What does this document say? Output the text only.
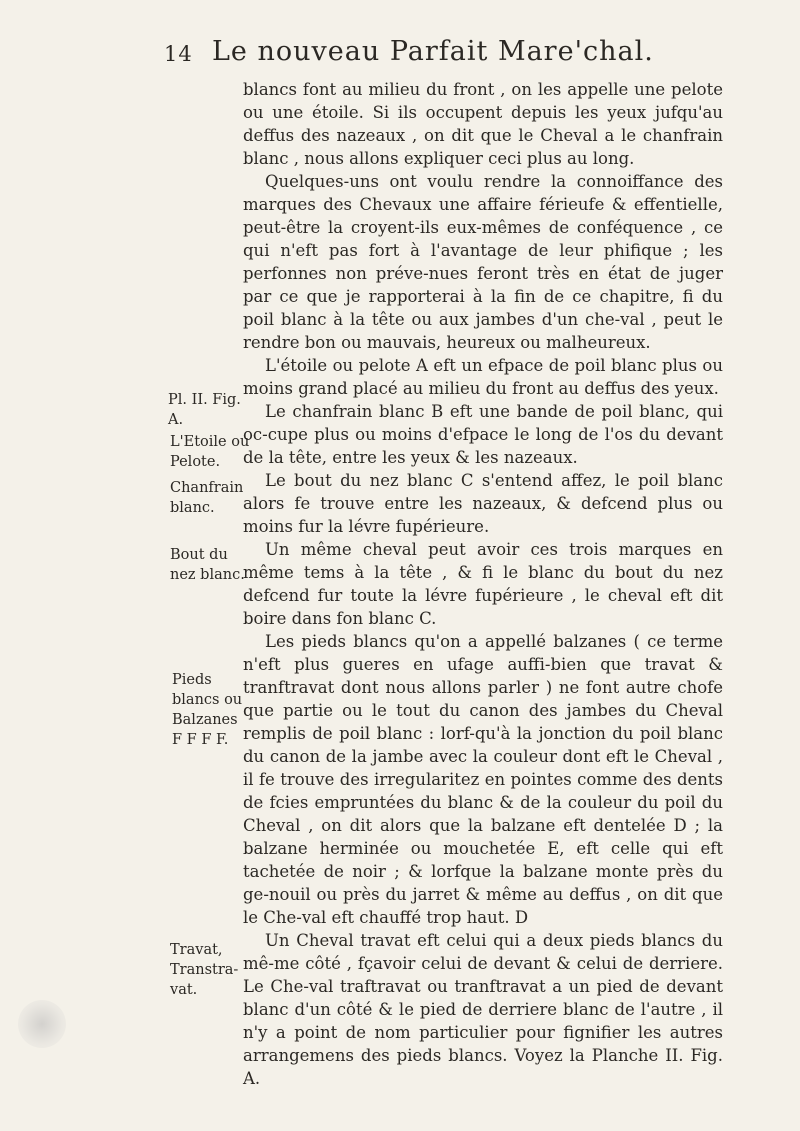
14 Le nouveau Parfait Mare'chal.
Pl. II. Fig.
A.
L'Etoile ou
Pelote.
Chanfrain
blanc.
Bout du
nez blanc.
Pieds
blancs ou
Balzanes
F F F F.
Travat,
Transtra-
vat.

blancs font au milieu du front , on les appelle une pelote ou une étoile. Si ils occupent depuis les yeux jufqu'au deffus des nazeaux , on dit que le Cheval a le chanfrain blanc , nous allons expliquer ceci plus au long.

Quelques-uns ont voulu rendre la connoiffance des marques des Chevaux une affaire férieufe & effentielle, peut-être la croyent-ils eux-mêmes de conféquence , ce qui n'eft pas fort à l'avantage de leur phifique ; les perfonnes non préve-nues feront très en état de juger par ce que je rapporterai à la fin de ce chapitre, fi du poil blanc à la tête ou aux jambes d'un che-val , peut le rendre bon ou mauvais, heureux ou malheureux.

L'étoile ou pelote A eft un efpace de poil blanc plus ou moins grand placé au milieu du front au deffus des yeux.

Le chanfrain blanc B eft une bande de poil blanc, qui oc-cupe plus ou moins d'efpace le long de l'os du devant de la tête, entre les yeux & les nazeaux.

Le bout du nez blanc C s'entend affez, le poil blanc alors fe trouve entre les nazeaux, & defcend plus ou moins fur la lévre fupérieure.

Un même cheval peut avoir ces trois marques en même tems à la tête , & fi le blanc du bout du nez defcend fur toute la lévre fupérieure , le cheval eft dit boire dans fon blanc C.

Les pieds blancs qu'on a appellé balzanes ( ce terme n'eft plus gueres en ufage auffi-bien que travat & tranftravat dont nous allons parler ) ne font autre chofe que partie ou le tout du canon des jambes du Cheval remplis de poil blanc : lorf-qu'à la jonction du poil blanc du canon de la jambe avec la couleur dont eft le Cheval , il fe trouve des irregularitez en pointes comme des dents de fcies empruntées du blanc & de la couleur du poil du Cheval , on dit alors que la balzane eft dentelée D ; la balzane herminée ou mouchetée E, eft celle qui eft tachetée de noir ; & lorfque la balzane monte près du ge-nouil ou près du jarret & même au deffus , on dit que le Che-val eft chauffé trop haut. D

Un Cheval travat eft celui qui a deux pieds blancs du mê-me côté , fçavoir celui de devant & celui de derriere. Le Che-val traftravat ou tranftravat a un pied de devant blanc d'un côté & le pied de derriere blanc de l'autre , il n'y a point de nom particulier pour fignifier les autres arrangemens des pieds blancs. Voyez la Planche II. Fig. A.
